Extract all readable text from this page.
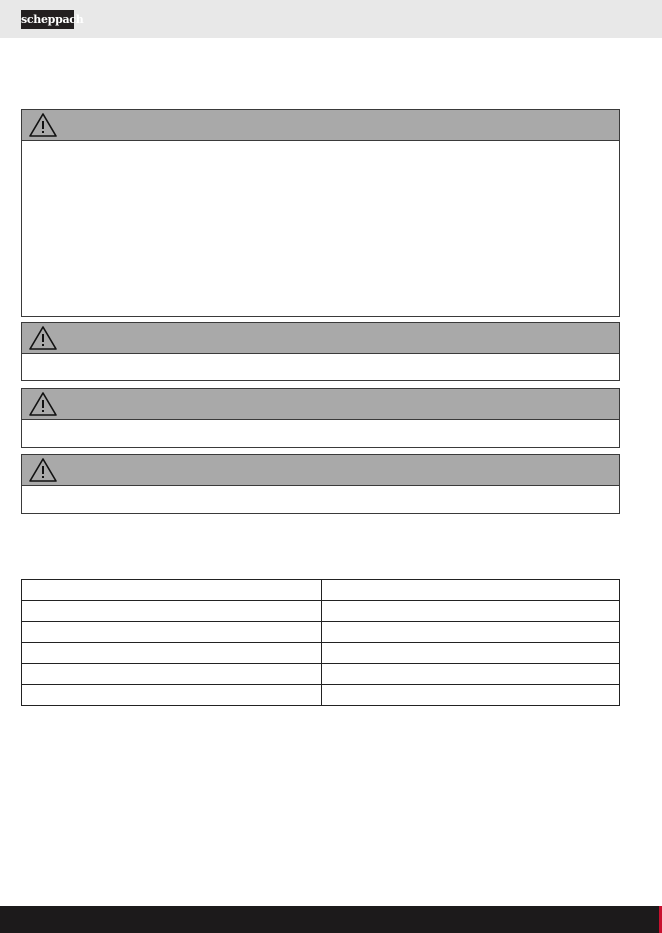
scheppach
